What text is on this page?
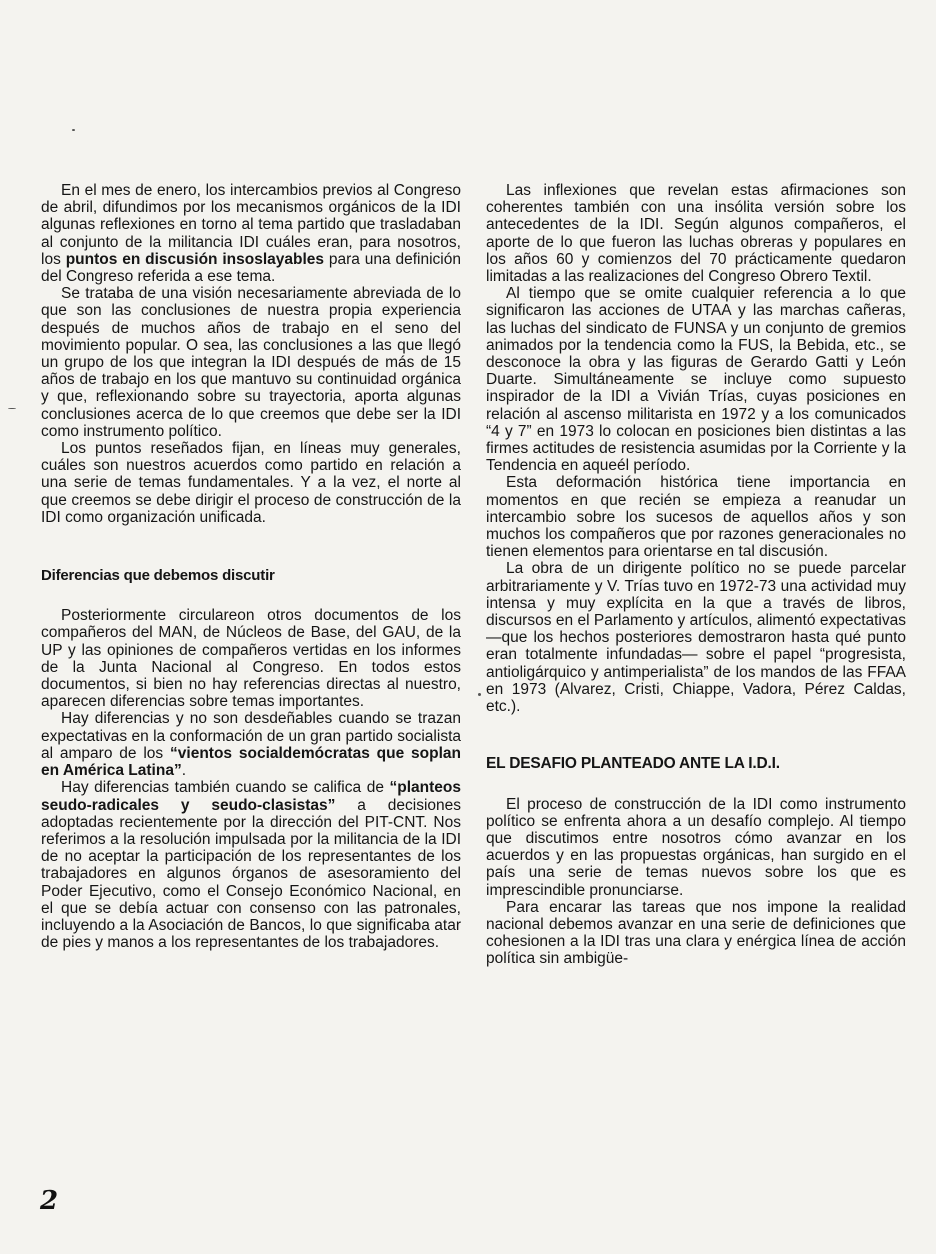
En el mes de enero, los intercambios previos al Congreso de abril, difundimos por los mecanismos orgánicos de la IDI algunas reflexiones en torno al tema partido que trasladaban al conjunto de la militancia IDI cuáles eran, para nosotros, los puntos en discusión insoslayables para una definición del Congreso referida a ese tema.

Se trataba de una visión necesariamente abreviada de lo que son las conclusiones de nuestra propia experiencia después de muchos años de trabajo en el seno del movimiento popular. O sea, las conclusiones a las que llegó un grupo de los que integran la IDI después de más de 15 años de trabajo en los que mantuvo su continuidad orgánica y que, reflexionando sobre su trayectoria, aporta algunas conclusiones acerca de lo que creemos que debe ser la IDI como instrumento político.

Los puntos reseñados fijan, en líneas muy generales, cuáles son nuestros acuerdos como partido en relación a una serie de temas fundamentales. Y a la vez, el norte al que creemos se debe dirigir el proceso de construcción de la IDI como organización unificada.

Diferencias que debemos discutir

Posteriormente circulareon otros documentos de los compañeros del MAN, de Núcleos de Base, del GAU, de la UP y las opiniones de compañeros vertidas en los informes de la Junta Nacional al Congreso. En todos estos documentos, si bien no hay referencias directas al nuestro, aparecen diferencias sobre temas importantes.

Hay diferencias y no son desdeñables cuando se trazan expectativas en la conformación de un gran partido socialista al amparo de los “vientos socialdemócratas que soplan en América Latina”.

Hay diferencias también cuando se califica de “planteos seudo-radicales y seudo-clasistas” a decisiones adoptadas recientemente por la dirección del PIT-CNT. Nos referimos a la resolución impulsada por la militancia de la IDI de no aceptar la participación de los representantes de los trabajadores en algunos órganos de asesoramiento del Poder Ejecutivo, como el Consejo Económico Nacional, en el que se debía actuar con consenso con las patronales, incluyendo a la Asociación de Bancos, lo que significaba atar de pies y manos a los representantes de los trabajadores.

Las inflexiones que revelan estas afirmaciones son coherentes también con una insólita versión sobre los antecedentes de la IDI. Según algunos compañeros, el aporte de lo que fueron las luchas obreras y populares en los años 60 y comienzos del 70 prácticamente quedaron limitadas a las realizaciones del Congreso Obrero Textil.

Al tiempo que se omite cualquier referencia a lo que significaron las acciones de UTAA y las marchas cañeras, las luchas del sindicato de FUNSA y un conjunto de gremios animados por la tendencia como la FUS, la Bebida, etc., se desconoce la obra y las figuras de Gerardo Gatti y León Duarte. Simultáneamente se incluye como supuesto inspirador de la IDI a Vivián Trías, cuyas posiciones en relación al ascenso militarista en 1972 y a los comunicados “4 y 7” en 1973 lo colocan en posiciones bien distintas a las firmes actitudes de resistencia asumidas por la Corriente y la Tendencia en aqueél período.

Esta deformación histórica tiene importancia en momentos en que recién se empieza a reanudar un intercambio sobre los sucesos de aquellos años y son muchos los compañeros que por razones generacionales no tienen elementos para orientarse en tal discusión.

La obra de un dirigente político no se puede parcelar arbitrariamente y V. Trías tuvo en 1972-73 una actividad muy intensa y muy explícita en la que a través de libros, discursos en el Parlamento y artículos, alimentó expectativas —que los hechos posteriores demostraron hasta qué punto eran totalmente infundadas— sobre el papel “progresista, antioligárquico y antimperialista” de los mandos de las FFAA en 1973 (Alvarez, Cristi, Chiappe, Vadora, Pérez Caldas, etc.).

EL DESAFIO PLANTEADO ANTE LA I.D.I.

El proceso de construcción de la IDI como instrumento político se enfrenta ahora a un desafío complejo. Al tiempo que discutimos entre nosotros cómo avanzar en los acuerdos y en las propuestas orgánicas, han surgido en el país una serie de temas nuevos sobre los que es imprescindible pronunciarse.

Para encarar las tareas que nos impone la realidad nacional debemos avanzar en una serie de definiciones que cohesionen a la IDI tras una clara y enérgica línea de acción política sin ambigüe-

2
